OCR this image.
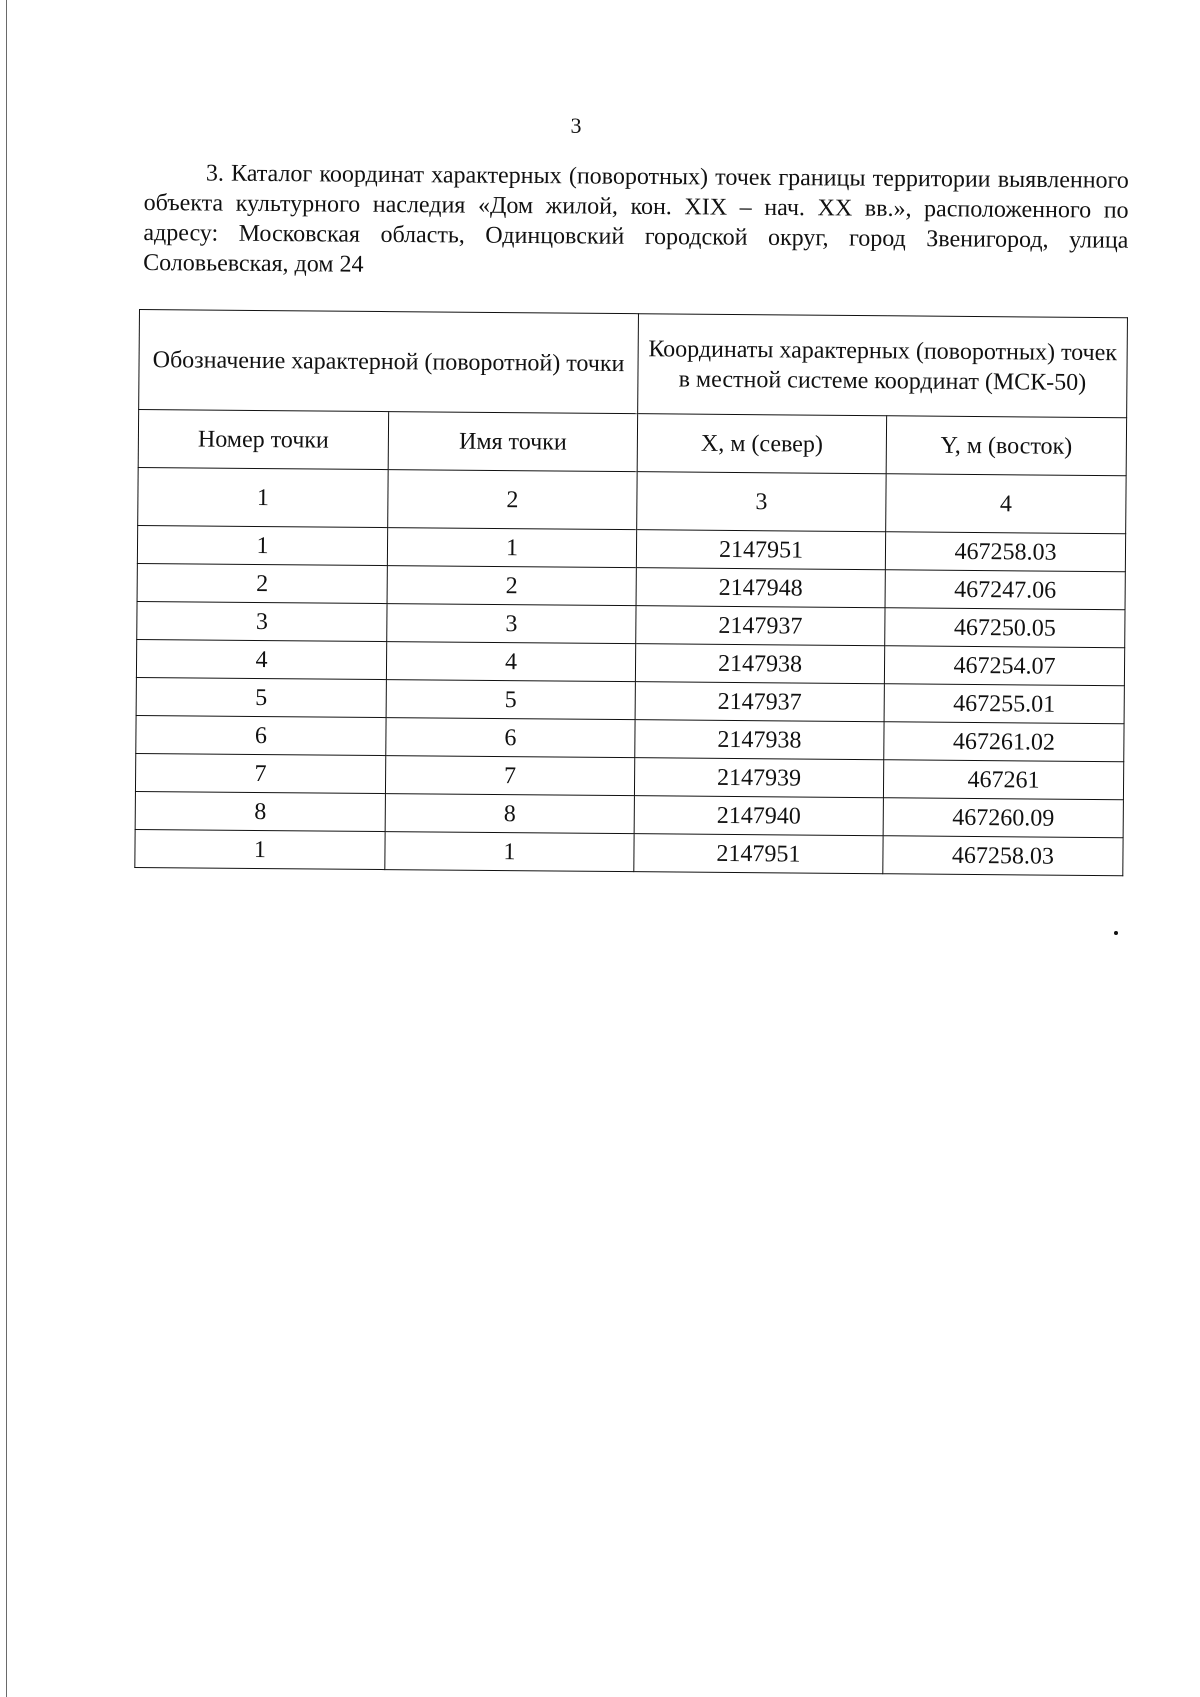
3

3. Каталог координат характерных (поворотных) точек границы территории выявленного объекта культурного наследия «Дом жилой, кон. XIX – нач. XX вв.», расположенного по адресу: Московская область, Одинцовский городской округ, город Звенигород, улица Соловьевская, дом 24

Обозначение характерной (поворотной) точки		Координаты характерных (поворотных) точек в местной системе координат (МСК-50)	
Номер точки	Имя точки	X, м (север)	Y, м (восток)
1	2	3	4
1	1	2147951	467258.03
2	2	2147948	467247.06
3	3	2147937	467250.05
4	4	2147938	467254.07
5	5	2147937	467255.01
6	6	2147938	467261.02
7	7	2147939	467261
8	8	2147940	467260.09
1	1	2147951	467258.03
